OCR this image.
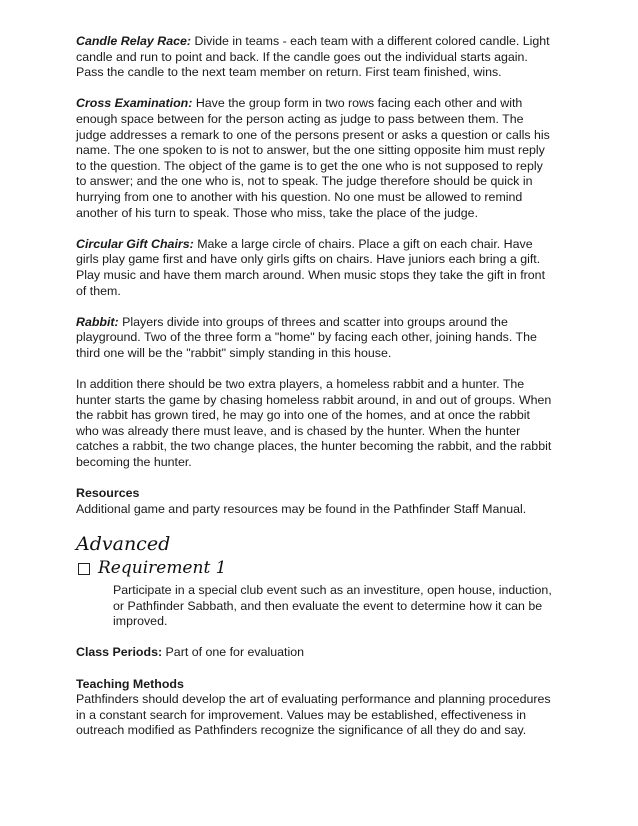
Candle Relay Race: Divide in teams - each team with a different colored candle. Light candle and run to point and back. If the candle goes out the individual starts again. Pass the candle to the next team member on return. First team finished, wins.

Cross Examination: Have the group form in two rows facing each other and with enough space between for the person acting as judge to pass between them. The judge addresses a remark to one of the persons present or asks a question or calls his name. The one spoken to is not to answer, but the one sitting opposite him must reply to the question. The object of the game is to get the one who is not supposed to reply to answer; and the one who is, not to speak. The judge therefore should be quick in hurrying from one to another with his question. No one must be allowed to remind another of his turn to speak. Those who miss, take the place of the judge.

Circular Gift Chairs: Make a large circle of chairs. Place a gift on each chair. Have girls play game first and have only girls gifts on chairs. Have juniors each bring a gift. Play music and have them march around. When music stops they take the gift in front of them.

Rabbit: Players divide into groups of threes and scatter into groups around the playground. Two of the three form a "home" by facing each other, joining hands. The third one will be the "rabbit" simply standing in this house.

In addition there should be two extra players, a homeless rabbit and a hunter. The hunter starts the game by chasing homeless rabbit around, in and out of groups. When the rabbit has grown tired, he may go into one of the homes, and at once the rabbit who was already there must leave, and is chased by the hunter. When the hunter catches a rabbit, the two change places, the hunter becoming the rabbit, and the rabbit becoming the hunter.

Resources
Additional game and party resources may be found in the Pathfinder Staff Manual.
Advanced
Requirement 1
Participate in a special club event such as an investiture, open house, induction, or Pathfinder Sabbath, and then evaluate the event to determine how it can be improved.

Class Periods: Part of one for evaluation

Teaching Methods
Pathfinders should develop the art of evaluating performance and planning procedures in a constant search for improvement. Values may be established, effectiveness in outreach modified as Pathfinders recognize the significance of all they do and say.
